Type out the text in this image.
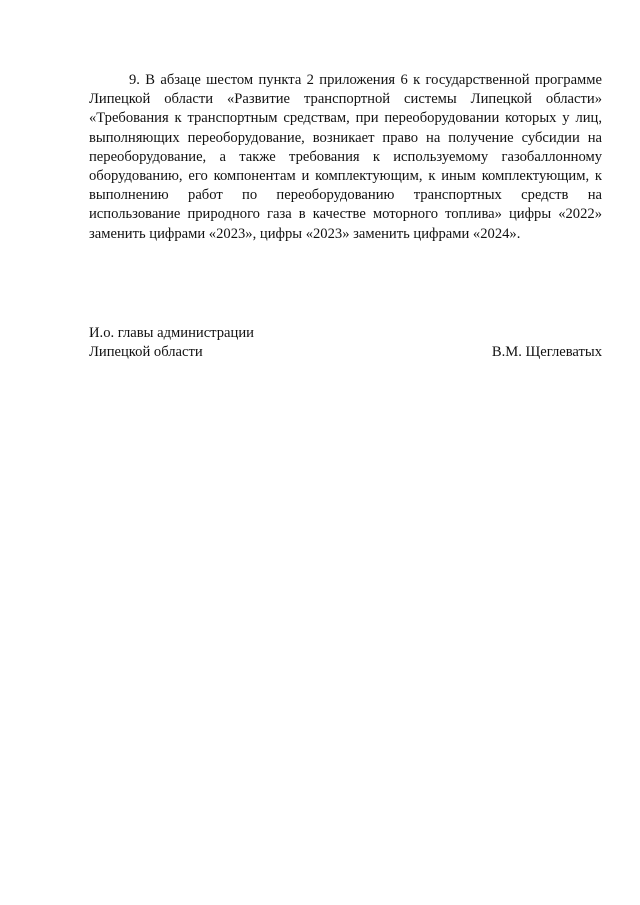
9. В абзаце шестом пункта 2 приложения 6 к государственной программе Липецкой области «Развитие транспортной системы Липецкой области» «Требования к транспортным средствам, при переоборудовании которых у лиц, выполняющих переоборудование, возникает право на получение субсидии на переоборудование, а также требования к используемому газобаллонному оборудованию, его компонентам и комплектующим, к иным комплектующим, к выполнению работ по переоборудованию транспортных средств на использование природного газа в качестве моторного топлива» цифры «2022» заменить цифрами «2023», цифры «2023» заменить цифрами «2024».

И.о. главы администрации
Липецкой области	В.М. Щеглеватых
